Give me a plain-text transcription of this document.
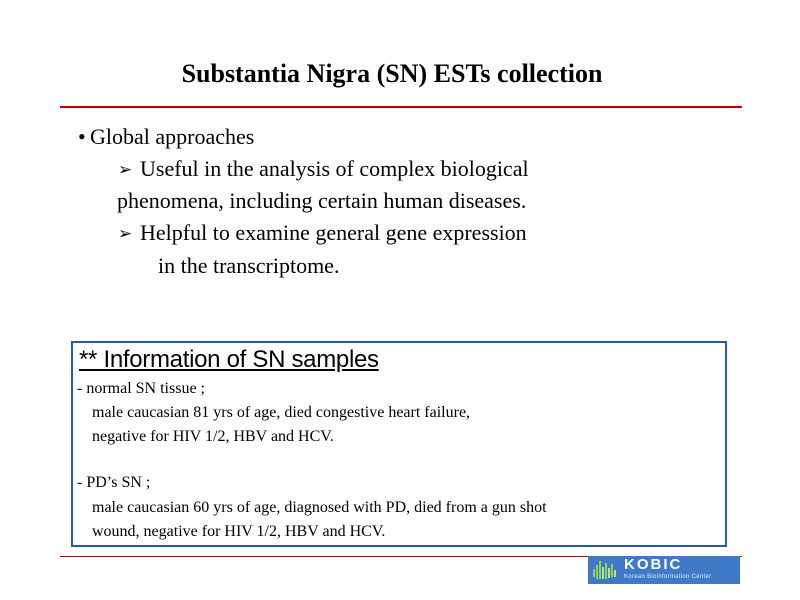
Substantia Nigra (SN) ESTs collection
• Global approaches
➢ Useful in the analysis of complex biological
phenomena, including certain human diseases.
➢ Helpful to examine general gene expression
in the transcriptome.
** Information of SN samples
- normal SN tissue ;
male caucasian 81 yrs of age, died congestive heart failure,
negative for HIV 1/2, HBV and HCV.
- PD’s SN ;
male caucasian 60 yrs of age, diagnosed with PD, died from a gun shot
wound, negative for HIV 1/2, HBV and HCV.
KOBIC
Korean Bioinformation Center
